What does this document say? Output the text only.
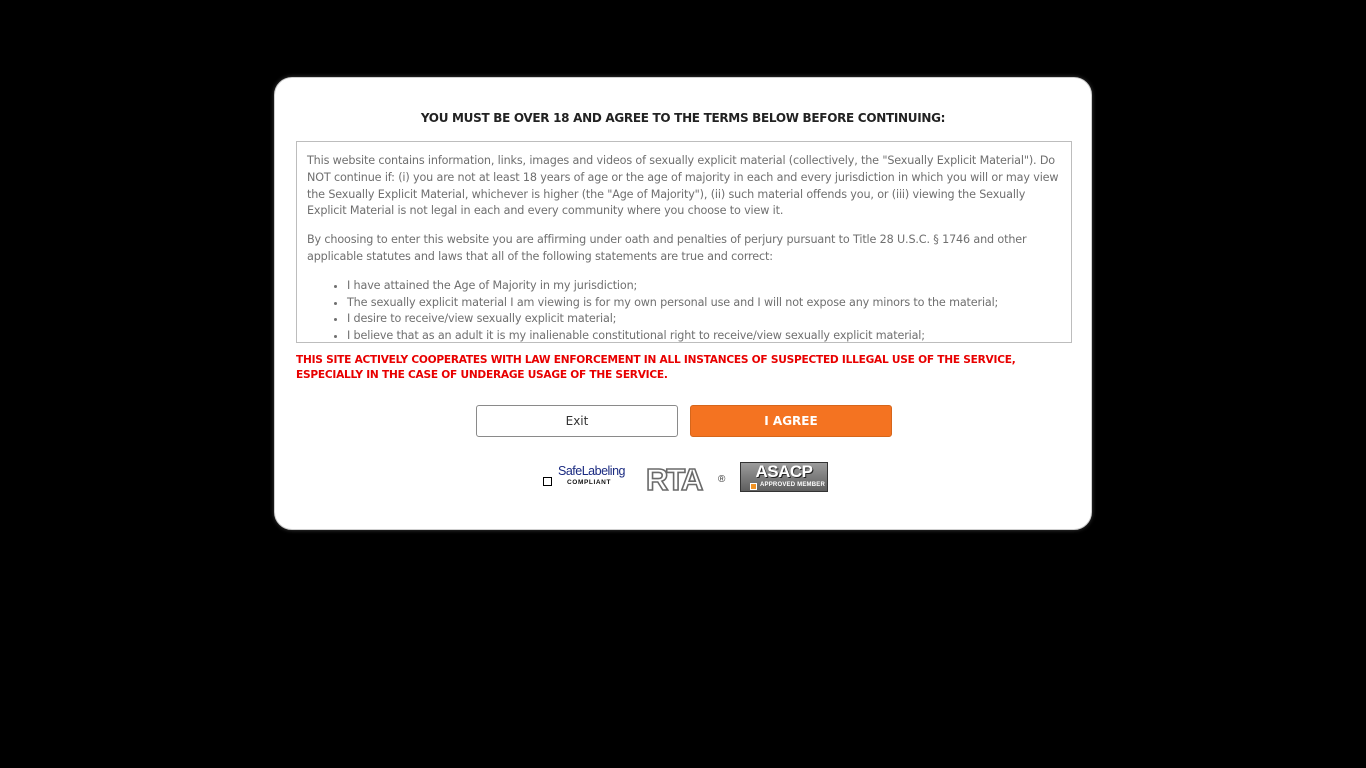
YOU MUST BE OVER 18 AND AGREE TO THE TERMS BELOW BEFORE CONTINUING:

This website contains information, links, images and videos of sexually explicit material (collectively, the "Sexually Explicit Material"). Do NOT continue if: (i) you are not at least 18 years of age or the age of majority in each and every jurisdiction in which you will or may view the Sexually Explicit Material, whichever is higher (the "Age of Majority"), (ii) such material offends you, or (iii) viewing the Sexually Explicit Material is not legal in each and every community where you choose to view it.

By choosing to enter this website you are affirming under oath and penalties of perjury pursuant to Title 28 U.S.C. § 1746 and other applicable statutes and laws that all of the following statements are true and correct:

• I have attained the Age of Majority in my jurisdiction;
• The sexually explicit material I am viewing is for my own personal use and I will not expose any minors to the material;
• I desire to receive/view sexually explicit material;
• I believe that as an adult it is my inalienable constitutional right to receive/view sexually explicit material;
THIS SITE ACTIVELY COOPERATES WITH LAW ENFORCEMENT IN ALL INSTANCES OF SUSPECTED ILLEGAL USE OF THE SERVICE, ESPECIALLY IN THE CASE OF UNDERAGE USAGE OF THE SERVICE.
Exit	I AGREE
SafeLabeling
COMPLIANT RTA ®	ASACP
APPROVED MEMBER
